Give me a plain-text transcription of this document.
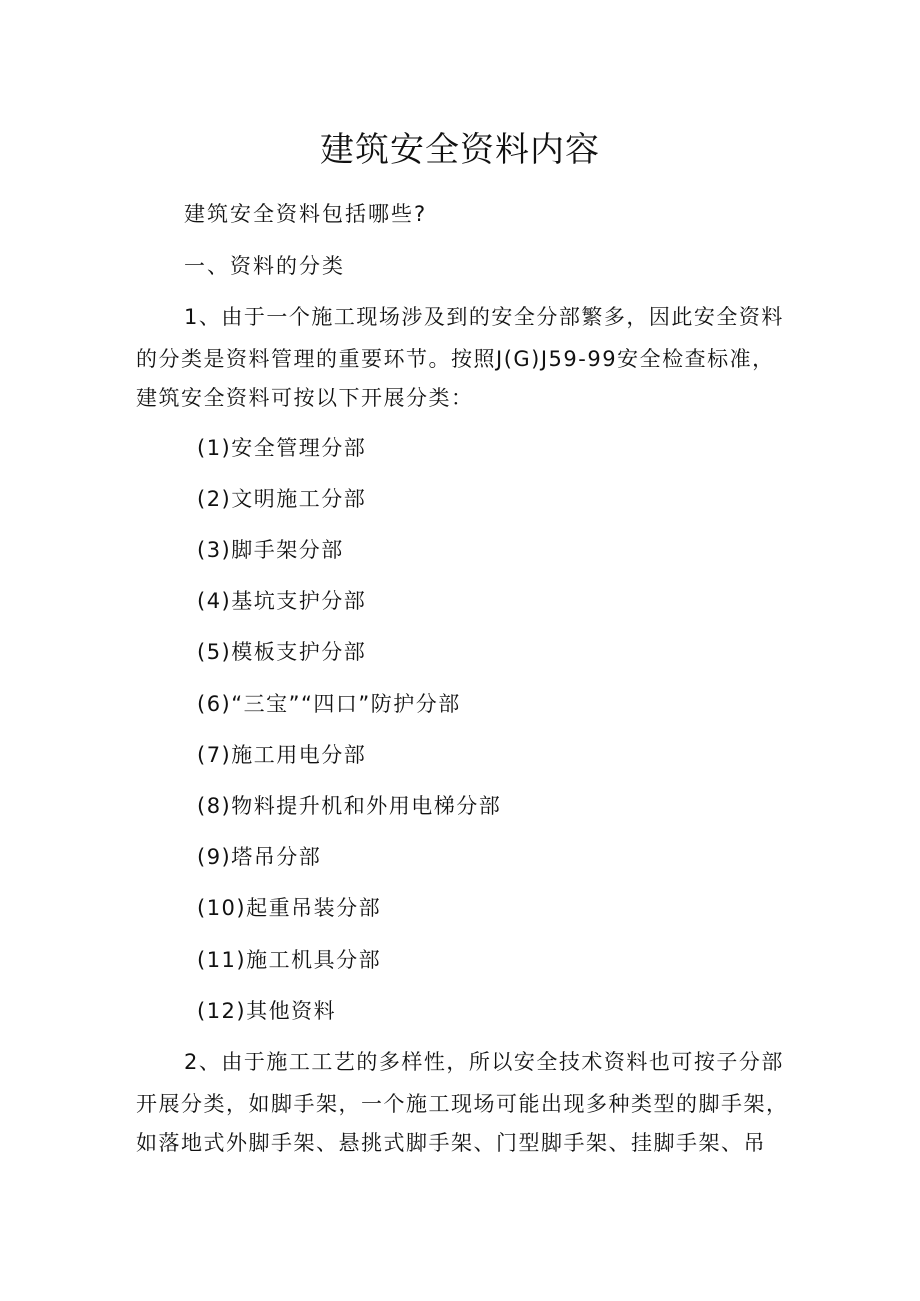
建筑安全资料内容
建筑安全资料包括哪些?
一、资料的分类
1、由于一个施工现场涉及到的安全分部繁多，因此安全资料
的分类是资料管理的重要环节。按照J(G)J59-99安全检查标准，
建筑安全资料可按以下开展分类：
(1)安全管理分部
(2)文明施工分部
(3)脚手架分部
(4)基坑支护分部
(5)模板支护分部
(6)“三宝”“四口”防护分部
(7)施工用电分部
(8)物料提升机和外用电梯分部
(9)塔吊分部
(10)起重吊装分部
(11)施工机具分部
(12)其他资料
2、由于施工工艺的多样性，所以安全技术资料也可按子分部
开展分类，如脚手架，一个施工现场可能出现多种类型的脚手架，
如落地式外脚手架、悬挑式脚手架、门型脚手架、挂脚手架、吊
